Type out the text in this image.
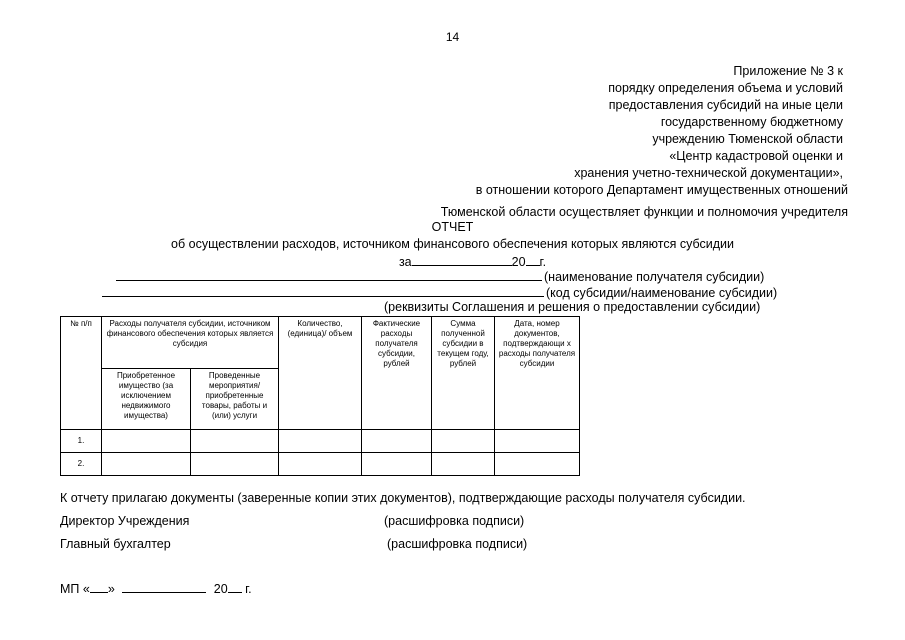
14
Приложение № 3 к
порядку определения объема и условий
предоставления субсидий на иные цели
государственному бюджетному
учреждению Тюменской области
«Центр кадастровой оценки и
хранения учетно-технической документации»,
в отношении которого Департамент имущественных отношений
Тюменской области осуществляет функции и полномочия учредителя
ОТЧЕТ
об осуществлении расходов, источником финансового обеспечения которых являются субсидии
за	20 г.
(наименование получателя субсидии)
(код субсидии/наименование субсидии)
(реквизиты Соглашения и решения о предоставлении субсидии)
№ п/п	Расходы получателя субсидии, источником финансового обеспечения которых является субсидия		Количество, (единица)/ объем	Фактические расходы получателя субсидии, рублей	Сумма полученной субсидии в текущем году, рублей	Дата, номер документов, подтверждающи х расходы получателя субсидии
	Приобретенное имущество (за исключением недвижимого имущества)	Проведенные мероприятия/ приобретенные товары, работы и (или) услуги				
1.						
2.						
К отчету прилагаю документы (заверенные копии этих документов), подтверждающие расходы получателя субсидии.
Директор Учреждения	(расшифровка подписи)
Главный бухгалтер	(расшифровка подписи)
МП « »	20 г.
